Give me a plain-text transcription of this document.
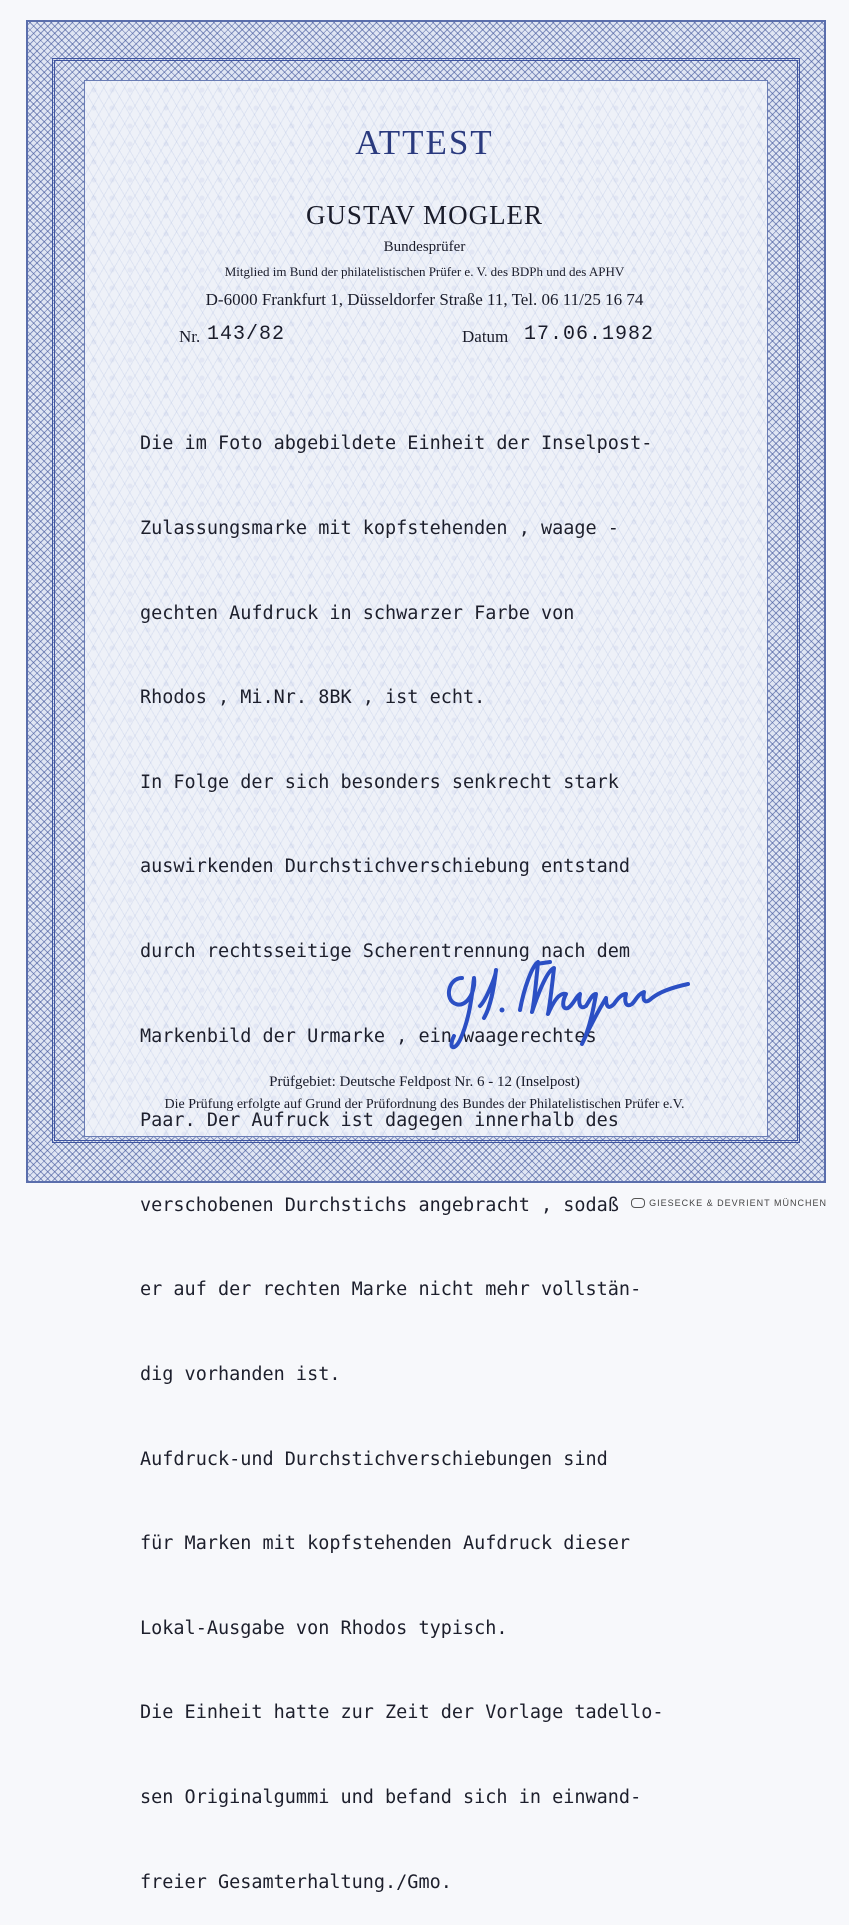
ATTEST
GUSTAV MOGLER
Bundesprüfer
Mitglied im Bund der philatelistischen Prüfer e. V. des BDPh und des APHV
D-6000 Frankfurt 1, Düsseldorfer Straße 11, Tel. 06 11/25 16 74
Nr. 143/82	Datum 17.06.1982

Die im Foto abgebildete Einheit der Inselpost-

Zulassungsmarke mit kopfstehenden , waage -

gechten Aufdruck in schwarzer Farbe von

Rhodos , Mi.Nr. 8BK , ist echt.

In Folge der sich besonders senkrecht stark

auswirkenden Durchstichverschiebung entstand

durch rechtsseitige Scherentrennung nach dem

Markenbild der Urmarke , ein waagerechtes

Paar. Der Aufruck ist dagegen innerhalb des

verschobenen Durchstichs angebracht , sodaß

er auf der rechten Marke nicht mehr vollstän-

dig vorhanden ist.

Aufdruck-und Durchstichverschiebungen sind

für Marken mit kopfstehenden Aufdruck dieser

Lokal-Ausgabe von Rhodos typisch.

Die Einheit hatte zur Zeit der Vorlage tadello-

sen Originalgummi und befand sich in einwand-

freier Gesamterhaltung./Gmo.

Prüfgebiet: Deutsche Feldpost Nr. 6 - 12 (Inselpost)
Die Prüfung erfolgte auf Grund der Prüfordnung des Bundes der Philatelistischen Prüfer e.V.
GIESECKE & DEVRIENT MÜNCHEN
